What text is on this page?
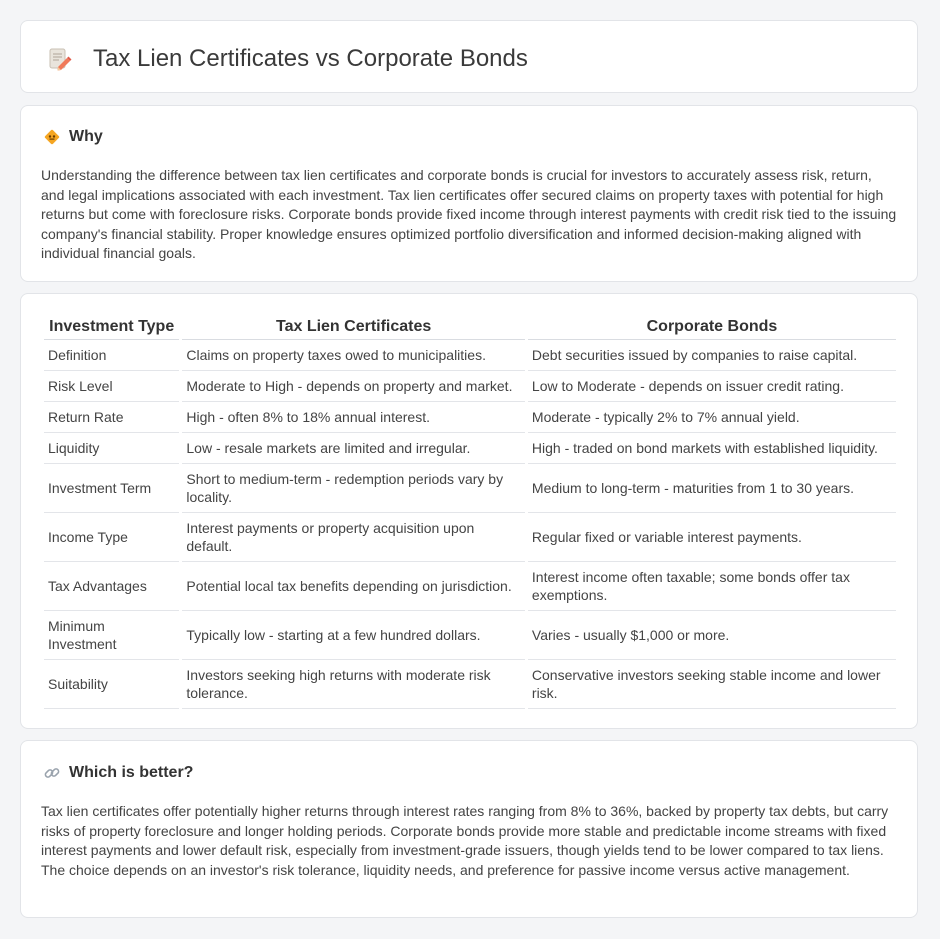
Tax Lien Certificates vs Corporate Bonds
Why

Understanding the difference between tax lien certificates and corporate bonds is crucial for investors to accurately assess risk, return, and legal implications associated with each investment. Tax lien certificates offer secured claims on property taxes with potential for high returns but come with foreclosure risks. Corporate bonds provide fixed income through interest payments with credit risk tied to the issuing company's financial stability. Proper knowledge ensures optimized portfolio diversification and informed decision-making aligned with individual financial goals.

Investment Type	Tax Lien Certificates	Corporate Bonds
Definition	Claims on property taxes owed to municipalities.	Debt securities issued by companies to raise capital.
Risk Level	Moderate to High - depends on property and market.	Low to Moderate - depends on issuer credit rating.
Return Rate	High - often 8% to 18% annual interest.	Moderate - typically 2% to 7% annual yield.
Liquidity	Low - resale markets are limited and irregular.	High - traded on bond markets with established liquidity.
Investment Term	Short to medium-term - redemption periods vary by locality.	Medium to long-term - maturities from 1 to 30 years.
Income Type	Interest payments or property acquisition upon default.	Regular fixed or variable interest payments.
Tax Advantages	Potential local tax benefits depending on jurisdiction.	Interest income often taxable; some bonds offer tax exemptions.
Minimum Investment	Typically low - starting at a few hundred dollars.	Varies - usually $1,000 or more.
Suitability	Investors seeking high returns with moderate risk tolerance.	Conservative investors seeking stable income and lower risk.
Which is better?

Tax lien certificates offer potentially higher returns through interest rates ranging from 8% to 36%, backed by property tax debts, but carry risks of property foreclosure and longer holding periods. Corporate bonds provide more stable and predictable income streams with fixed interest payments and lower default risk, especially from investment-grade issuers, though yields tend to be lower compared to tax liens. The choice depends on an investor's risk tolerance, liquidity needs, and preference for passive income versus active management.
